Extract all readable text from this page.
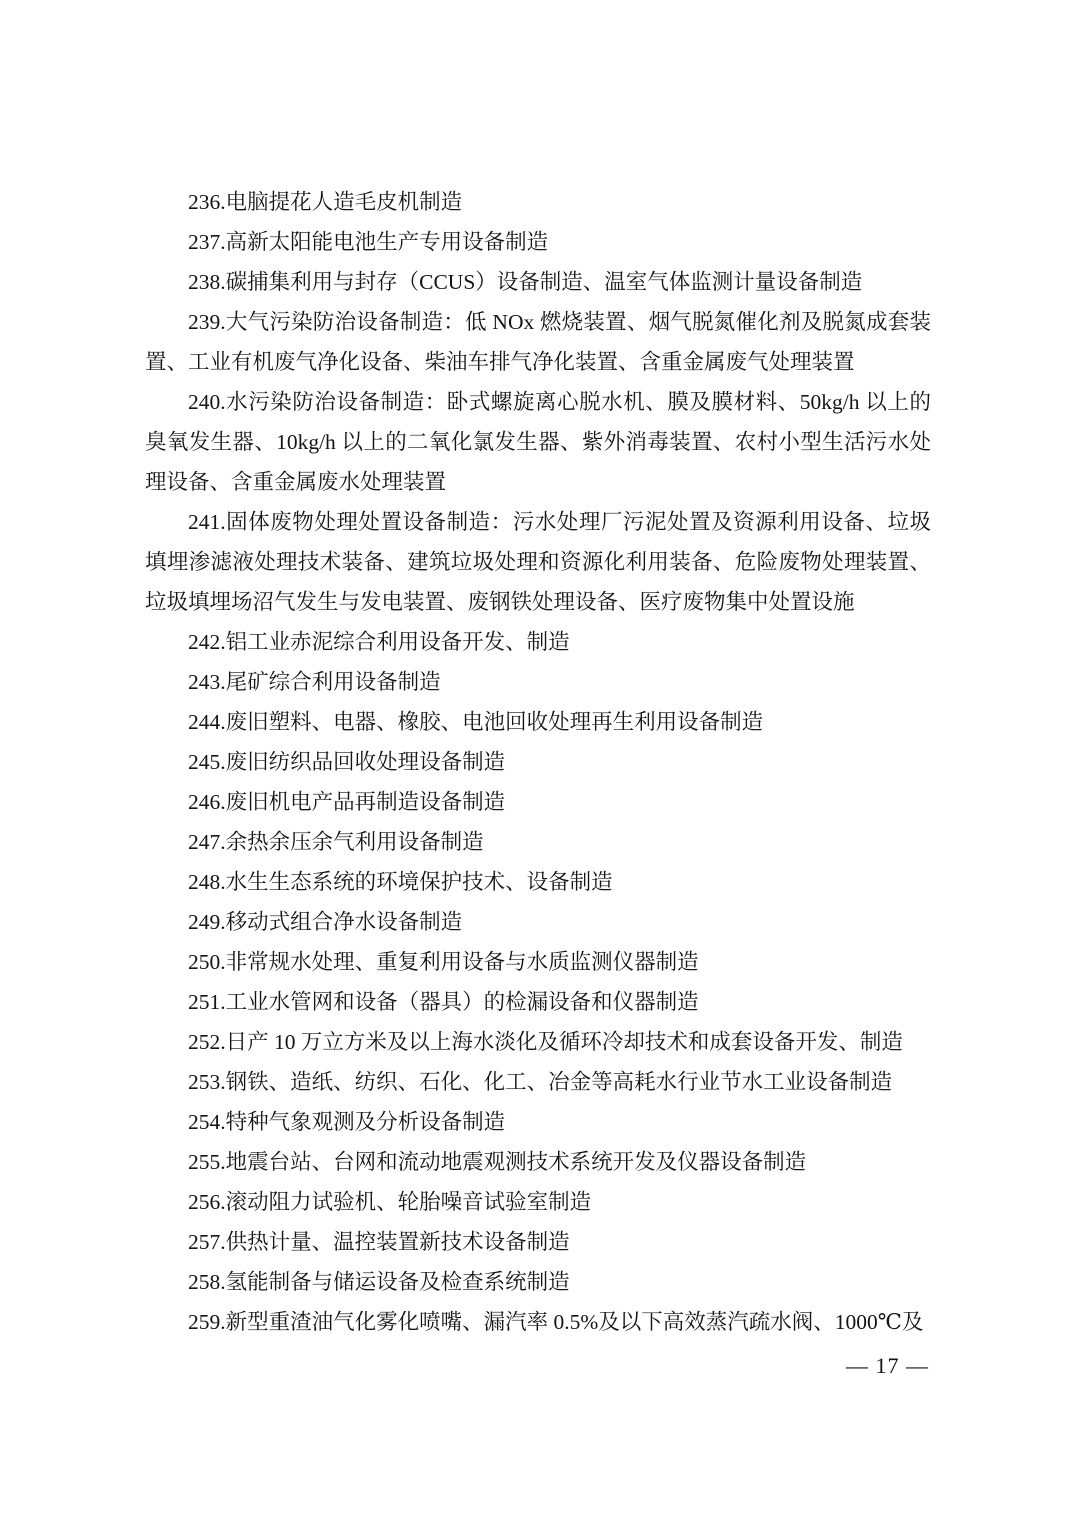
236.电脑提花人造毛皮机制造

237.高新太阳能电池生产专用设备制造

238.碳捕集利用与封存（CCUS）设备制造、温室气体监测计量设备制造

239.大气污染防治设备制造：低 NOx 燃烧装置、烟气脱氮催化剂及脱氮成套装置、工业有机废气净化设备、柴油车排气净化装置、含重金属废气处理装置

240.水污染防治设备制造：卧式螺旋离心脱水机、膜及膜材料、50kg/h 以上的臭氧发生器、10kg/h 以上的二氧化氯发生器、紫外消毒装置、农村小型生活污水处理设备、含重金属废水处理装置

241.固体废物处理处置设备制造：污水处理厂污泥处置及资源利用设备、垃圾填埋渗滤液处理技术装备、建筑垃圾处理和资源化利用装备、危险废物处理装置、垃圾填埋场沼气发生与发电装置、废钢铁处理设备、医疗废物集中处置设施

242.铝工业赤泥综合利用设备开发、制造

243.尾矿综合利用设备制造

244.废旧塑料、电器、橡胶、电池回收处理再生利用设备制造

245.废旧纺织品回收处理设备制造

246.废旧机电产品再制造设备制造

247.余热余压余气利用设备制造

248.水生生态系统的环境保护技术、设备制造

249.移动式组合净水设备制造

250.非常规水处理、重复利用设备与水质监测仪器制造

251.工业水管网和设备（器具）的检漏设备和仪器制造

252.日产 10 万立方米及以上海水淡化及循环冷却技术和成套设备开发、制造

253.钢铁、造纸、纺织、石化、化工、冶金等高耗水行业节水工业设备制造

254.特种气象观测及分析设备制造

255.地震台站、台网和流动地震观测技术系统开发及仪器设备制造

256.滚动阻力试验机、轮胎噪音试验室制造

257.供热计量、温控装置新技术设备制造

258.氢能制备与储运设备及检查系统制造

259.新型重渣油气化雾化喷嘴、漏汽率 0.5%及以下高效蒸汽疏水阀、1000℃及

— 17 —
